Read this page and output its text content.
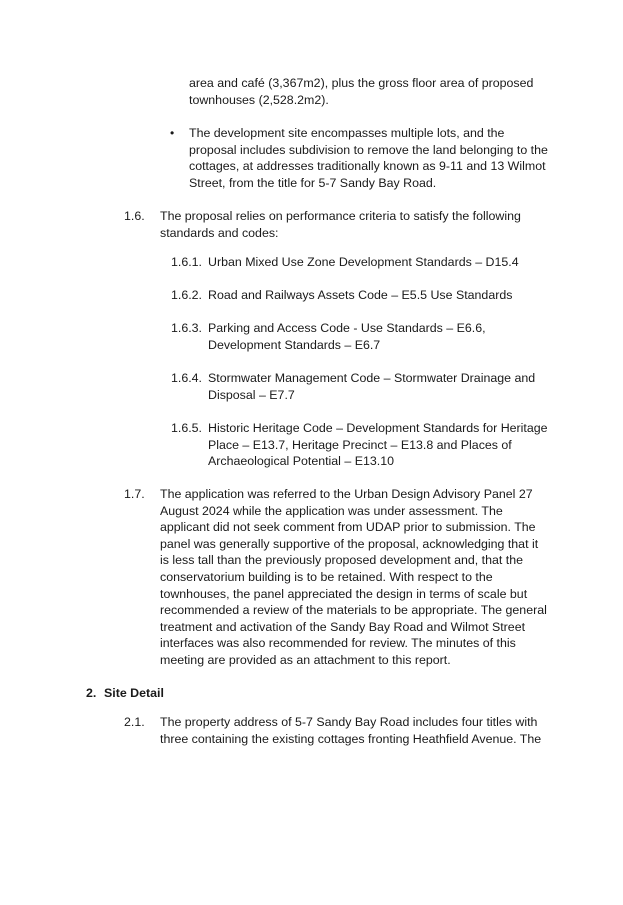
area and café (3,367m2), plus the gross floor area of proposed
townhouses (2,528.2m2).

• The development site encompasses multiple lots, and the
proposal includes subdivision to remove the land belonging to the
cottages, at addresses traditionally known as 9-11 and 13 Wilmot
Street, from the title for 5-7 Sandy Bay Road.

1.6. The proposal relies on performance criteria to satisfy the following
standards and codes:

1.6.1. Urban Mixed Use Zone Development Standards – D15.4

1.6.2. Road and Railways Assets Code – E5.5 Use Standards

1.6.3. Parking and Access Code - Use Standards – E6.6,
Development Standards – E6.7

1.6.4. Stormwater Management Code – Stormwater Drainage and
Disposal – E7.7

1.6.5. Historic Heritage Code – Development Standards for Heritage
Place – E13.7, Heritage Precinct – E13.8 and Places of
Archaeological Potential – E13.10

1.7. The application was referred to the Urban Design Advisory Panel 27
August 2024 while the application was under assessment. The
applicant did not seek comment from UDAP prior to submission. The
panel was generally supportive of the proposal, acknowledging that it
is less tall than the previously proposed development and, that the
conservatorium building is to be retained. With respect to the
townhouses, the panel appreciated the design in terms of scale but
recommended a review of the materials to be appropriate. The general
treatment and activation of the Sandy Bay Road and Wilmot Street
interfaces was also recommended for review. The minutes of this
meeting are provided as an attachment to this report.

2. Site Detail
2.1. The property address of 5-7 Sandy Bay Road includes four titles with
three containing the existing cottages fronting Heathfield Avenue. The
